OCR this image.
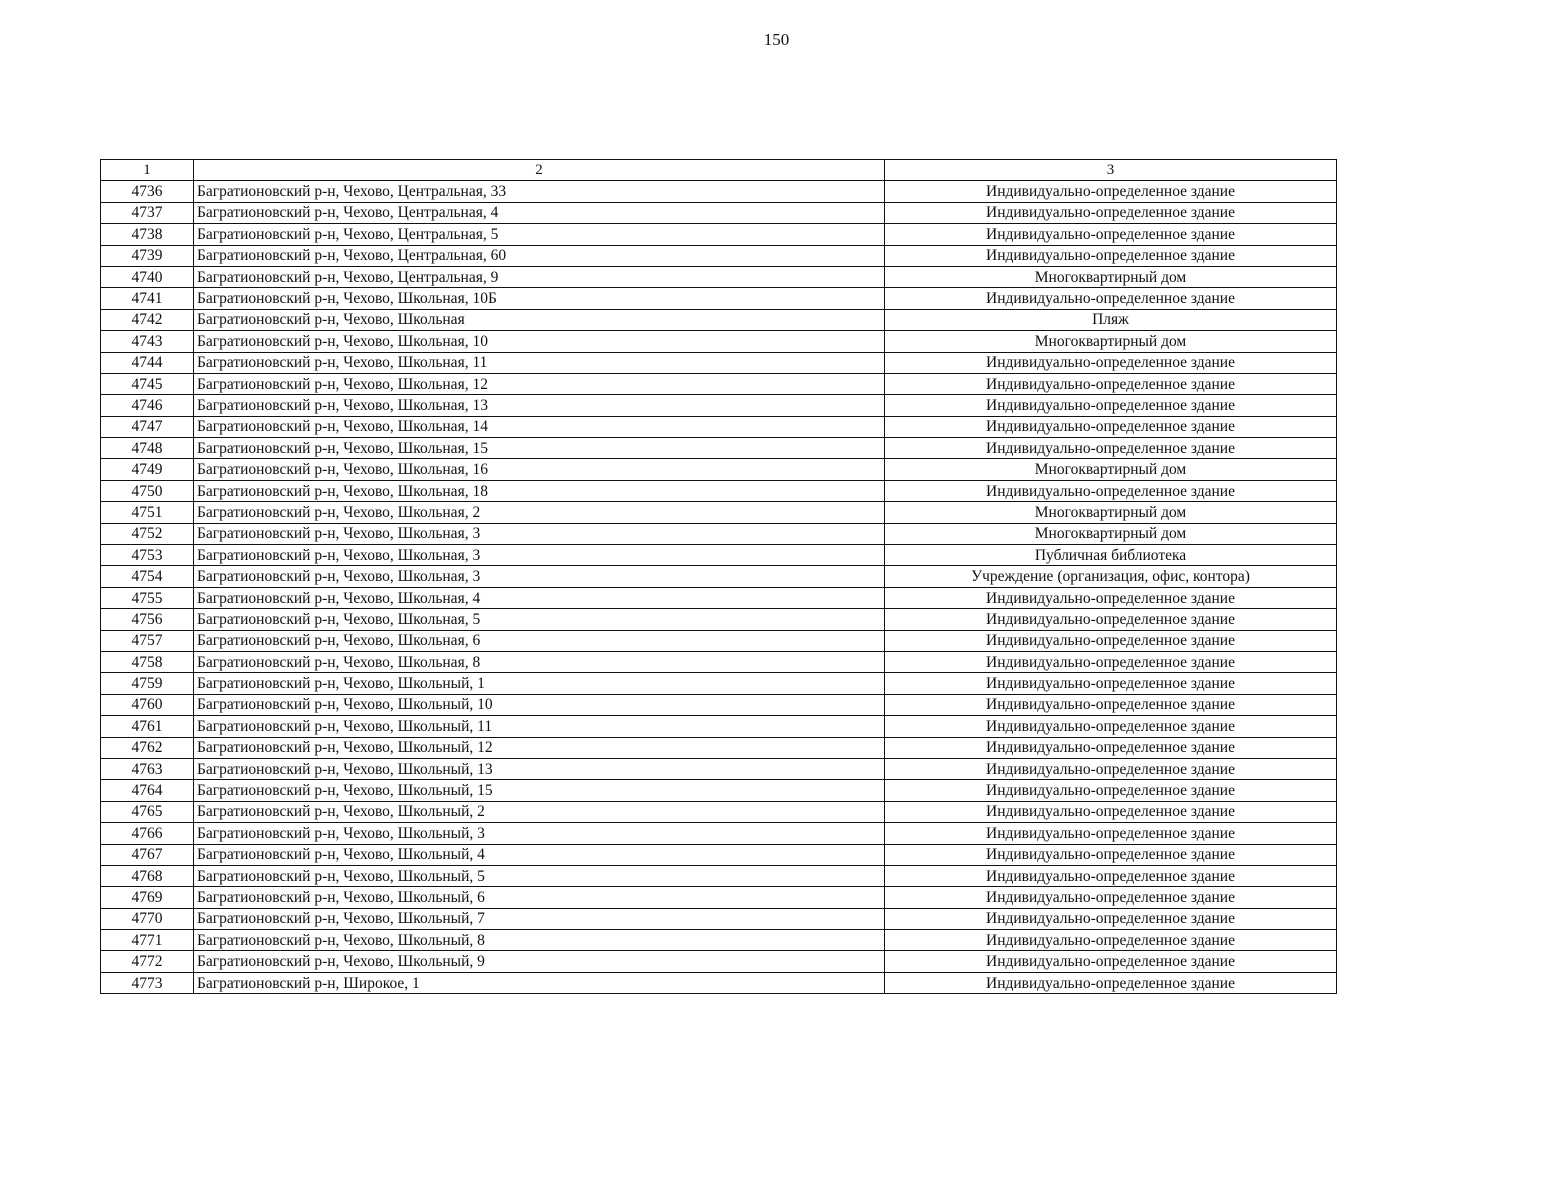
150
1	2	3
4736	Багратионовский р-н, Чехово, Центральная, 33	Индивидуально-определенное здание
4737	Багратионовский р-н, Чехово, Центральная, 4	Индивидуально-определенное здание
4738	Багратионовский р-н, Чехово, Центральная, 5	Индивидуально-определенное здание
4739	Багратионовский р-н, Чехово, Центральная, 60	Индивидуально-определенное здание
4740	Багратионовский р-н, Чехово, Центральная, 9	Многоквартирный дом
4741	Багратионовский р-н, Чехово, Школьная, 10Б	Индивидуально-определенное здание
4742	Багратионовский р-н, Чехово, Школьная	Пляж
4743	Багратионовский р-н, Чехово, Школьная, 10	Многоквартирный дом
4744	Багратионовский р-н, Чехово, Школьная, 11	Индивидуально-определенное здание
4745	Багратионовский р-н, Чехово, Школьная, 12	Индивидуально-определенное здание
4746	Багратионовский р-н, Чехово, Школьная, 13	Индивидуально-определенное здание
4747	Багратионовский р-н, Чехово, Школьная, 14	Индивидуально-определенное здание
4748	Багратионовский р-н, Чехово, Школьная, 15	Индивидуально-определенное здание
4749	Багратионовский р-н, Чехово, Школьная, 16	Многоквартирный дом
4750	Багратионовский р-н, Чехово, Школьная, 18	Индивидуально-определенное здание
4751	Багратионовский р-н, Чехово, Школьная, 2	Многоквартирный дом
4752	Багратионовский р-н, Чехово, Школьная, 3	Многоквартирный дом
4753	Багратионовский р-н, Чехово, Школьная, 3	Публичная библиотека
4754	Багратионовский р-н, Чехово, Школьная, 3	Учреждение (организация, офис, контора)
4755	Багратионовский р-н, Чехово, Школьная, 4	Индивидуально-определенное здание
4756	Багратионовский р-н, Чехово, Школьная, 5	Индивидуально-определенное здание
4757	Багратионовский р-н, Чехово, Школьная, 6	Индивидуально-определенное здание
4758	Багратионовский р-н, Чехово, Школьная, 8	Индивидуально-определенное здание
4759	Багратионовский р-н, Чехово, Школьный, 1	Индивидуально-определенное здание
4760	Багратионовский р-н, Чехово, Школьный, 10	Индивидуально-определенное здание
4761	Багратионовский р-н, Чехово, Школьный, 11	Индивидуально-определенное здание
4762	Багратионовский р-н, Чехово, Школьный, 12	Индивидуально-определенное здание
4763	Багратионовский р-н, Чехово, Школьный, 13	Индивидуально-определенное здание
4764	Багратионовский р-н, Чехово, Школьный, 15	Индивидуально-определенное здание
4765	Багратионовский р-н, Чехово, Школьный, 2	Индивидуально-определенное здание
4766	Багратионовский р-н, Чехово, Школьный, 3	Индивидуально-определенное здание
4767	Багратионовский р-н, Чехово, Школьный, 4	Индивидуально-определенное здание
4768	Багратионовский р-н, Чехово, Школьный, 5	Индивидуально-определенное здание
4769	Багратионовский р-н, Чехово, Школьный, 6	Индивидуально-определенное здание
4770	Багратионовский р-н, Чехово, Школьный, 7	Индивидуально-определенное здание
4771	Багратионовский р-н, Чехово, Школьный, 8	Индивидуально-определенное здание
4772	Багратионовский р-н, Чехово, Школьный, 9	Индивидуально-определенное здание
4773	Багратионовский р-н, Широкое, 1	Индивидуально-определенное здание
